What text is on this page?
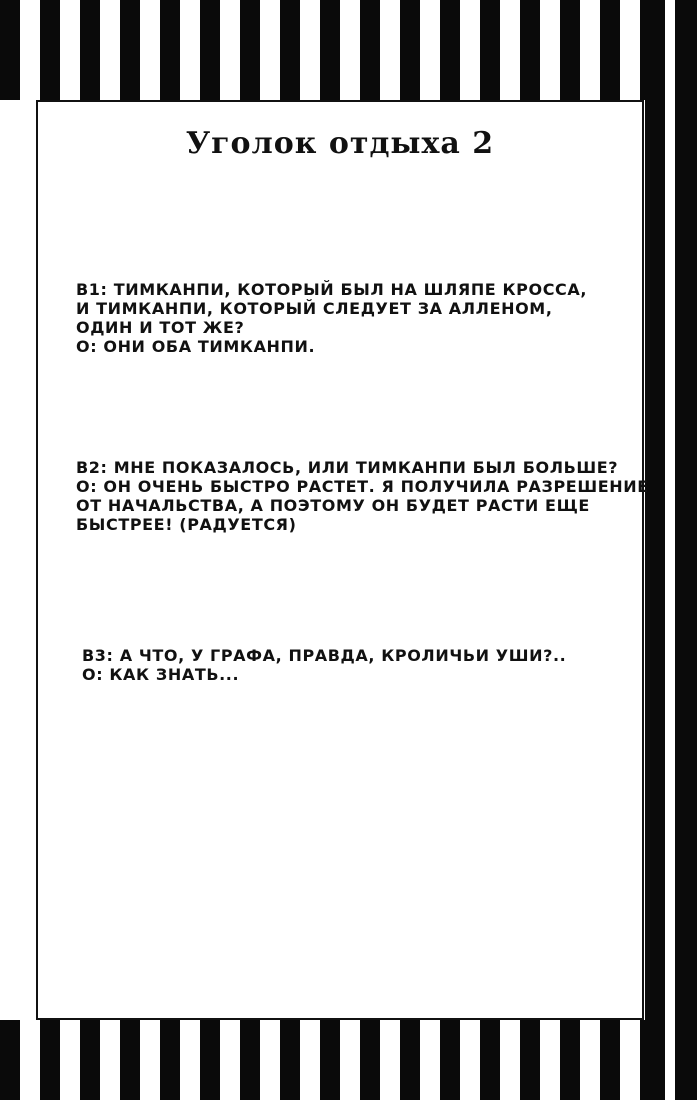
Уголок отдыха 2
В1: ТИМКАНПИ, КОТОРЫЙ БЫЛ НА ШЛЯПЕ КРОССА,
И ТИМКАНПИ, КОТОРЫЙ СЛЕДУЕТ ЗА АЛЛЕНОМ,
ОДИН И ТОТ ЖЕ?
О: ОНИ ОБА ТИМКАНПИ.
В2: МНЕ ПОКАЗАЛОСЬ, ИЛИ ТИМКАНПИ БЫЛ БОЛЬШЕ?
О: ОН ОЧЕНЬ БЫСТРО РАСТЕТ. Я ПОЛУЧИЛА РАЗРЕШЕНИЕ
ОТ НАЧАЛЬСТВА, А ПОЭТОМУ ОН БУДЕТ РАСТИ ЕЩЕ
БЫСТРЕЕ! (РАДУЕТСЯ)
В3: А ЧТО, У ГРАФА, ПРАВДА, КРОЛИЧЬИ УШИ?..
О: КАК ЗНАТЬ...
